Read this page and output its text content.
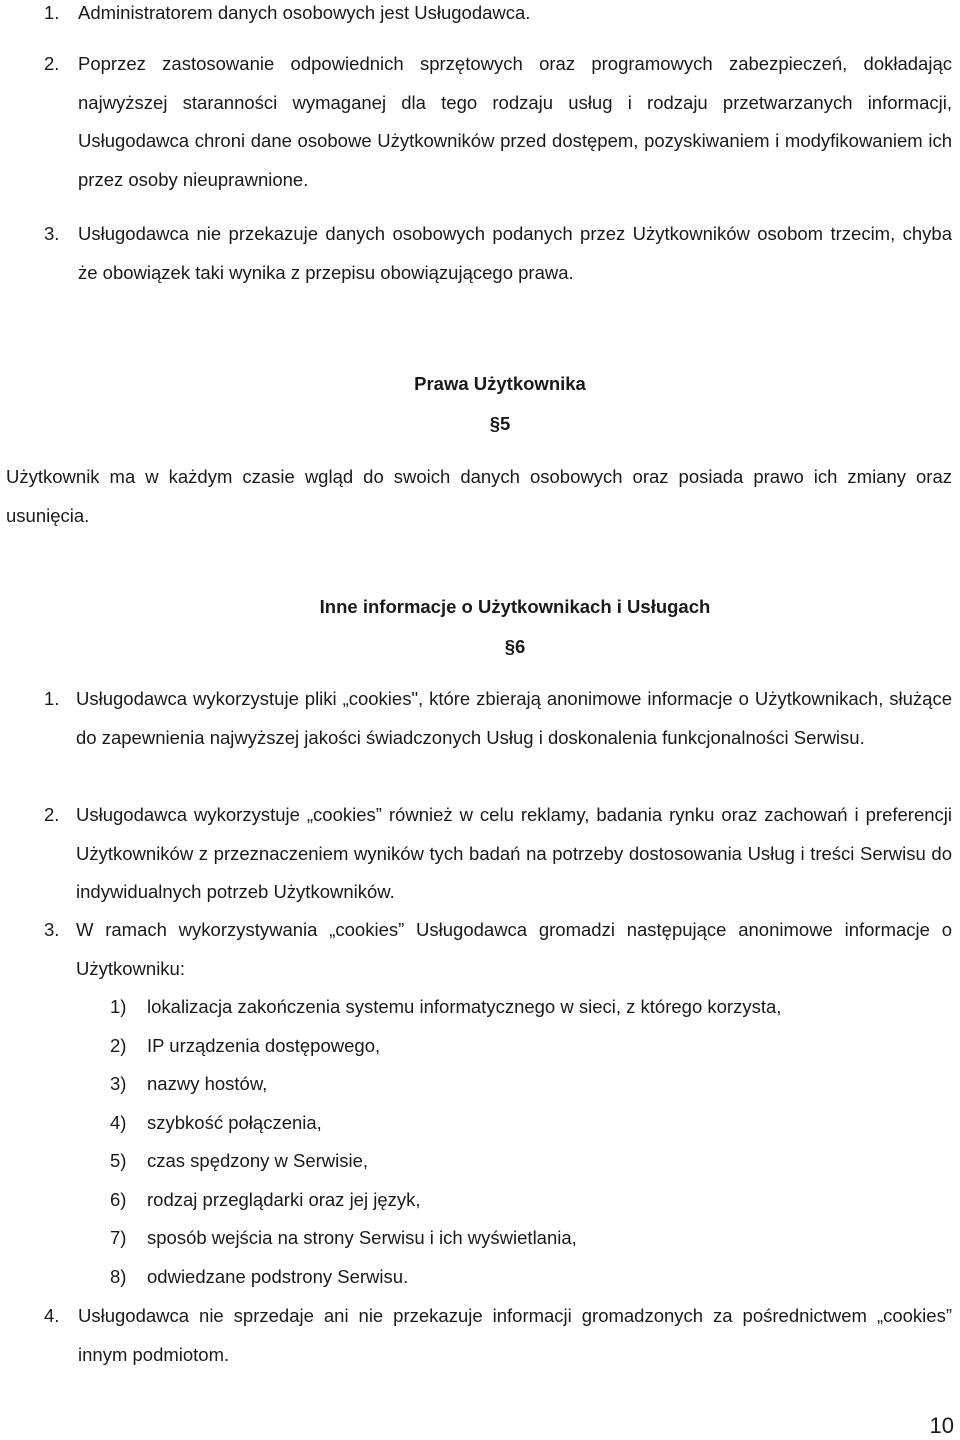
1. Administratorem danych osobowych jest Usługodawca.
2. Poprzez zastosowanie odpowiednich sprzętowych oraz programowych zabezpieczeń, dokładając najwyższej staranności wymaganej dla tego rodzaju usług i rodzaju przetwarzanych informacji, Usługodawca chroni dane osobowe Użytkowników przed dostępem, pozyskiwaniem i modyfikowaniem ich przez osoby nieuprawnione.
3. Usługodawca nie przekazuje danych osobowych podanych przez Użytkowników osobom trzecim, chyba że obowiązek taki wynika z przepisu obowiązującego prawa.
Prawa Użytkownika
§5
Użytkownik ma w każdym czasie wgląd do swoich danych osobowych oraz posiada prawo ich zmiany oraz usunięcia.
Inne informacje o Użytkownikach i Usługach
§6
1. Usługodawca wykorzystuje pliki „cookies", które zbierają anonimowe informacje o Użytkownikach, służące do zapewnienia najwyższej jakości świadczonych Usług i doskonalenia funkcjonalności Serwisu.
2. Usługodawca wykorzystuje „cookies” również w celu reklamy, badania rynku oraz zachowań i preferencji Użytkowników z przeznaczeniem wyników tych badań na potrzeby dostosowania Usług i treści Serwisu do indywidualnych potrzeb Użytkowników.
3. W ramach wykorzystywania „cookies” Usługodawca gromadzi następujące anonimowe informacje o Użytkowniku:
1) lokalizacja zakończenia systemu informatycznego w sieci, z którego korzysta,
2) IP urządzenia dostępowego,
3) nazwy hostów,
4) szybkość połączenia,
5) czas spędzony w Serwisie,
6) rodzaj przeglądarki oraz jej język,
7) sposób wejścia na strony Serwisu i ich wyświetlania,
8) odwiedzane podstrony Serwisu.
4. Usługodawca nie sprzedaje ani nie przekazuje informacji gromadzonych za pośrednictwem „cookies” innym podmiotom.
10
